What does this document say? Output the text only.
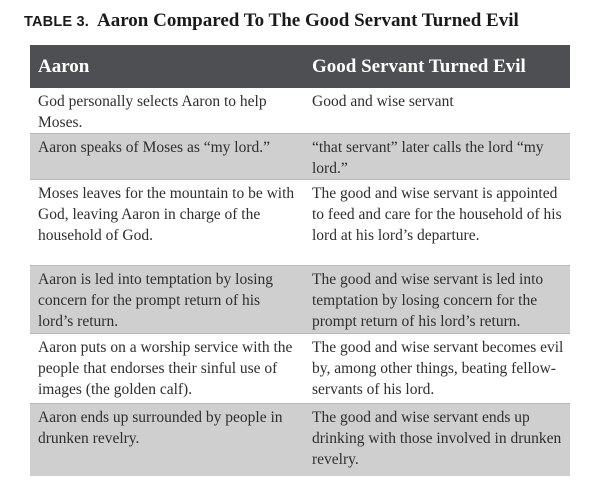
TABLE 3. Aaron Compared To The Good Servant Turned Evil
Aaron	Good Servant Turned Evil
God personally selects Aaron to help Moses.	Good and wise servant
Aaron speaks of Moses as “my lord.”	“that servant” later calls the lord “my lord.”
Moses leaves for the mountain to be with God, leaving Aaron in charge of the household of God.	The good and wise servant is appointed to feed and care for the household of his lord at his lord’s departure.
Aaron is led into temptation by losing concern for the prompt return of his lord’s return.	The good and wise servant is led into temptation by losing concern for the prompt return of his lord’s return.
Aaron puts on a worship service with the people that endorses their sinful use of images (the golden calf).	The good and wise servant becomes evil by, among other things, beating fellow-servants of his lord.
Aaron ends up surrounded by people in drunken revelry.	The good and wise servant ends up drinking with those involved in drunken revelry.
